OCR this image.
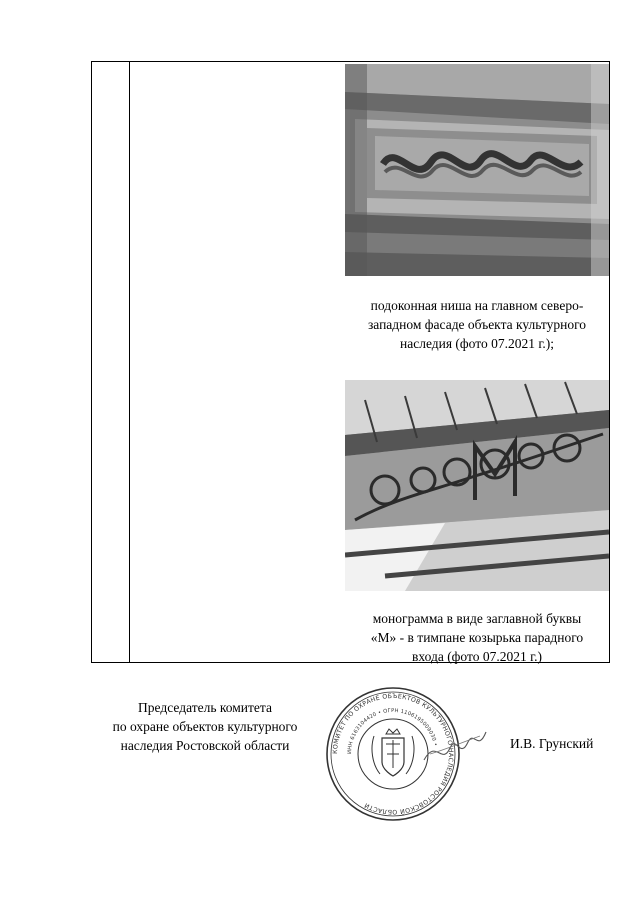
подоконная ниша на главном северо-
западном фасаде объекта культурного
наследия (фото 07.2021 г.);
монограмма в виде заглавной буквы
«М» - в тимпане козырька парадного
входа (фото 07.2021 г.)
Председатель комитета
по охране объектов культурного
наследия Ростовской области	КОМИТЕТ ПО ОХРАНЕ ОБЪЕКТОВ КУЛЬТУРНОГО НАСЛЕДИЯ РОСТОВСКОЙ ОБЛАСТИ
ИНН 6163104420 • ОГРН 1106195009030 •	И.В. Грунский
